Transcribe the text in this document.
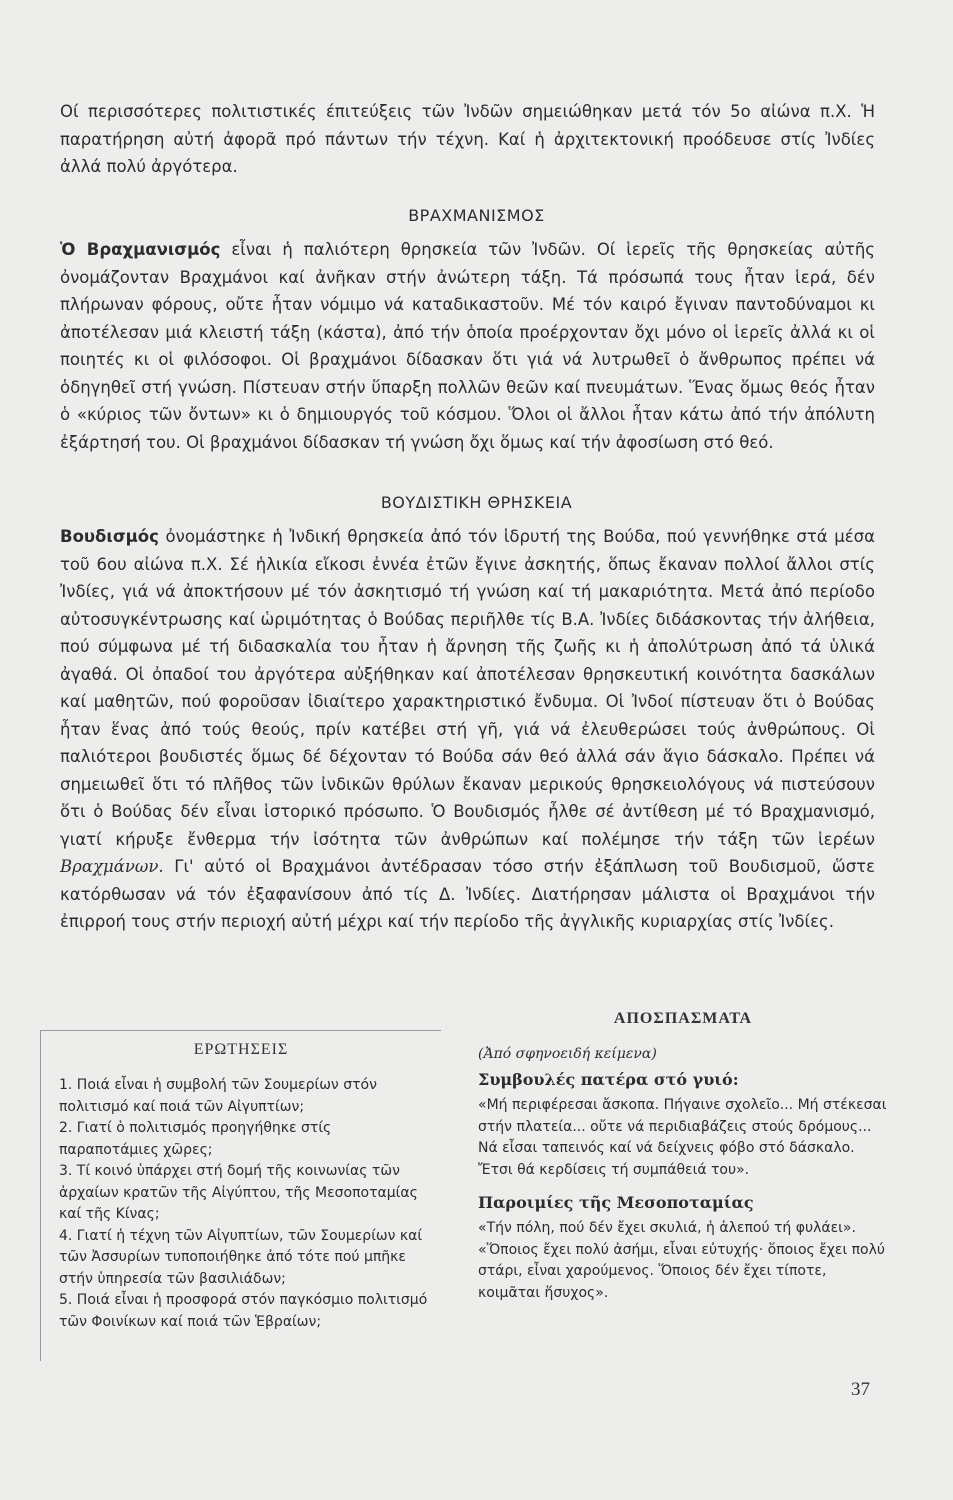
Οί περισσότερες πολιτιστικές έπιτεύξεις τῶν Ἰνδῶν σημειώθηκαν μετά τόν 5ο αἰώνα π.Χ. Ἡ παρατήρηση αὐτή ἀφορᾶ πρό πάντων τήν τέχνη. Καί ἡ ἀρχιτεκτονική προόδευσε στίς Ἰνδίες ἀλλά πολύ ἀργότερα.

ΒΡΑΧΜΑΝΙΣΜΟΣ

Ὁ Βραχμανισμός εἶναι ἡ παλιότερη θρησκεία τῶν Ἰνδῶν. Οί ἱερεῖς τῆς θρησκείας αὐτῆς ὀνομάζονταν Βραχμάνοι καί ἀνῆκαν στήν ἀνώτερη τάξη. Τά πρόσωπά τους ἦταν ἱερά, δέν πλήρωναν φόρους, οὔτε ἦταν νόμιμο νά καταδικαστοῦν. Μέ τόν καιρό ἔγιναν παντοδύναμοι κι ἀποτέλεσαν μιά κλειστή τάξη (κάστα), ἀπό τήν ὁποία προέρχονταν ὄχι μόνο οἱ ἱερεῖς ἀλλά κι οἱ ποιητές κι οἱ φιλόσοφοι. Οἱ βραχμάνοι δίδασκαν ὅτι γιά νά λυτρωθεῖ ὁ ἄνθρωπος πρέπει νά ὁδηγηθεῖ στή γνώση. Πίστευαν στήν ὕπαρξη πολλῶν θεῶν καί πνευμάτων. Ἕνας ὅμως θεός ἦταν ὁ «κύριος τῶν ὄντων» κι ὁ δημιουργός τοῦ κόσμου. Ὅλοι οἱ ἄλλοι ἦταν κάτω ἀπό τήν ἀπόλυτη ἐξάρτησή του. Οἱ βραχμάνοι δίδασκαν τή γνώση ὄχι ὅμως καί τήν ἀφοσίωση στό θεό.

ΒΟΥΔΙΣΤΙΚΗ ΘΡΗΣΚΕΙΑ

Βουδισμός ὀνομάστηκε ἡ Ἰνδική θρησκεία ἀπό τόν ἱδρυτή της Βούδα, πού γεννήθηκε στά μέσα τοῦ 6ου αἰώνα π.Χ. Σέ ἡλικία εἴκοσι ἐννέα ἐτῶν ἔγινε ἀσκητής, ὅπως ἔκαναν πολλοί ἄλλοι στίς Ἰνδίες, γιά νά ἀποκτήσουν μέ τόν ἀσκητισμό τή γνώση καί τή μακαριότητα. Μετά ἀπό περίοδο αὐτοσυγκέντρωσης καί ὡριμότητας ὁ Βούδας περιῆλθε τίς Β.Α. Ἰνδίες διδάσκοντας τήν ἀλήθεια, πού σύμφωνα μέ τή διδασκαλία του ἦταν ἡ ἄρνηση τῆς ζωῆς κι ἡ ἀπολύτρωση ἀπό τά ὑλικά ἀγαθά. Οἱ ὀπαδοί του ἀργότερα αὐξήθηκαν καί ἀποτέλεσαν θρησκευτική κοινότητα δασκάλων καί μαθητῶν, πού φοροῦσαν ἰδιαίτερο χαρακτηριστικό ἔνδυμα. Οἱ Ἰνδοί πίστευαν ὅτι ὁ Βούδας ἦταν ἕνας ἀπό τούς θεούς, πρίν κατέβει στή γῆ, γιά νά ἐλευθερώσει τούς ἀνθρώπους. Οἱ παλιότεροι βουδιστές ὅμως δέ δέχονταν τό Βούδα σάν θεό ἀλλά σάν ἅγιο δάσκαλο. Πρέπει νά σημειωθεῖ ὅτι τό πλῆθος τῶν ἰνδικῶν θρύλων ἔκαναν μερικούς θρησκειολόγους νά πιστεύσουν ὅτι ὁ Βούδας δέν εἶναι ἱστορικό πρόσωπο. Ὁ Βουδισμός ἦλθε σέ ἀντίθεση μέ τό Βραχμανισμό, γιατί κήρυξε ἔνθερμα τήν ἰσότητα τῶν ἀνθρώπων καί πολέμησε τήν τάξη τῶν ἱερέων Βραχμάνων. Γι' αὐτό οἱ Βραχμάνοι ἀντέδρασαν τόσο στήν ἐξάπλωση τοῦ Βουδισμοῦ, ὥστε κατόρθωσαν νά τόν ἐξαφανίσουν ἀπό τίς Δ. Ἰνδίες. Διατήρησαν μάλιστα οἱ Βραχμάνοι τήν ἐπιρροή τους στήν περιοχή αὐτή μέχρι καί τήν περίοδο τῆς ἀγγλικῆς κυριαρχίας στίς Ἰνδίες.

ΕΡΩΤΗΣΕΙΣ

1. Ποιά εἶναι ἡ συμβολή τῶν Σουμερίων στόν πολιτισμό καί ποιά τῶν Αἰγυπτίων;

2. Γιατί ὁ πολιτισμός προηγήθηκε στίς παραποτάμιες χῶρες;

3. Τί κοινό ὑπάρχει στή δομή τῆς κοινωνίας τῶν ἀρχαίων κρατῶν τῆς Αἰγύπτου, τῆς Μεσοποταμίας καί τῆς Κίνας;

4. Γιατί ἡ τέχνη τῶν Αἰγυπτίων, τῶν Σουμερίων καί τῶν Ἀσσυρίων τυποποιήθηκε ἀπό τότε πού μπῆκε στήν ὑπηρεσία τῶν βασιλιάδων;

5. Ποιά εἶναι ἡ προσφορά στόν παγκόσμιο πολιτισμό τῶν Φοινίκων καί ποιά τῶν Ἑβραίων;

ΑΠΟΣΠΑΣΜΑΤΑ
(Ἀπό σφηνοειδή κείμενα)
Συμβουλές πατέρα στό γυιό:
«Μή περιφέρεσαι ἄσκοπα. Πήγαινε σχολεῖο... Μή στέκεσαι στήν πλατεία... οὔτε νά περιδιαβάζεις στούς δρόμους... Νά εἶσαι ταπεινός καί νά δείχνεις φόβο στό δάσκαλο. Ἔτσι θά κερδίσεις τή συμπάθειά του».
Παροιμίες τῆς Μεσοποταμίας
«Τήν πόλη, πού δέν ἔχει σκυλιά, ἡ ἀλεπού τή φυλάει».
«Ὅποιος ἔχει πολύ ἀσήμι, εἶναι εὐτυχής· ὅποιος ἔχει πολύ στάρι, εἶναι χαρούμενος. Ὅποιος δέν ἔχει τίποτε, κοιμᾶται ἥσυχος».
37
